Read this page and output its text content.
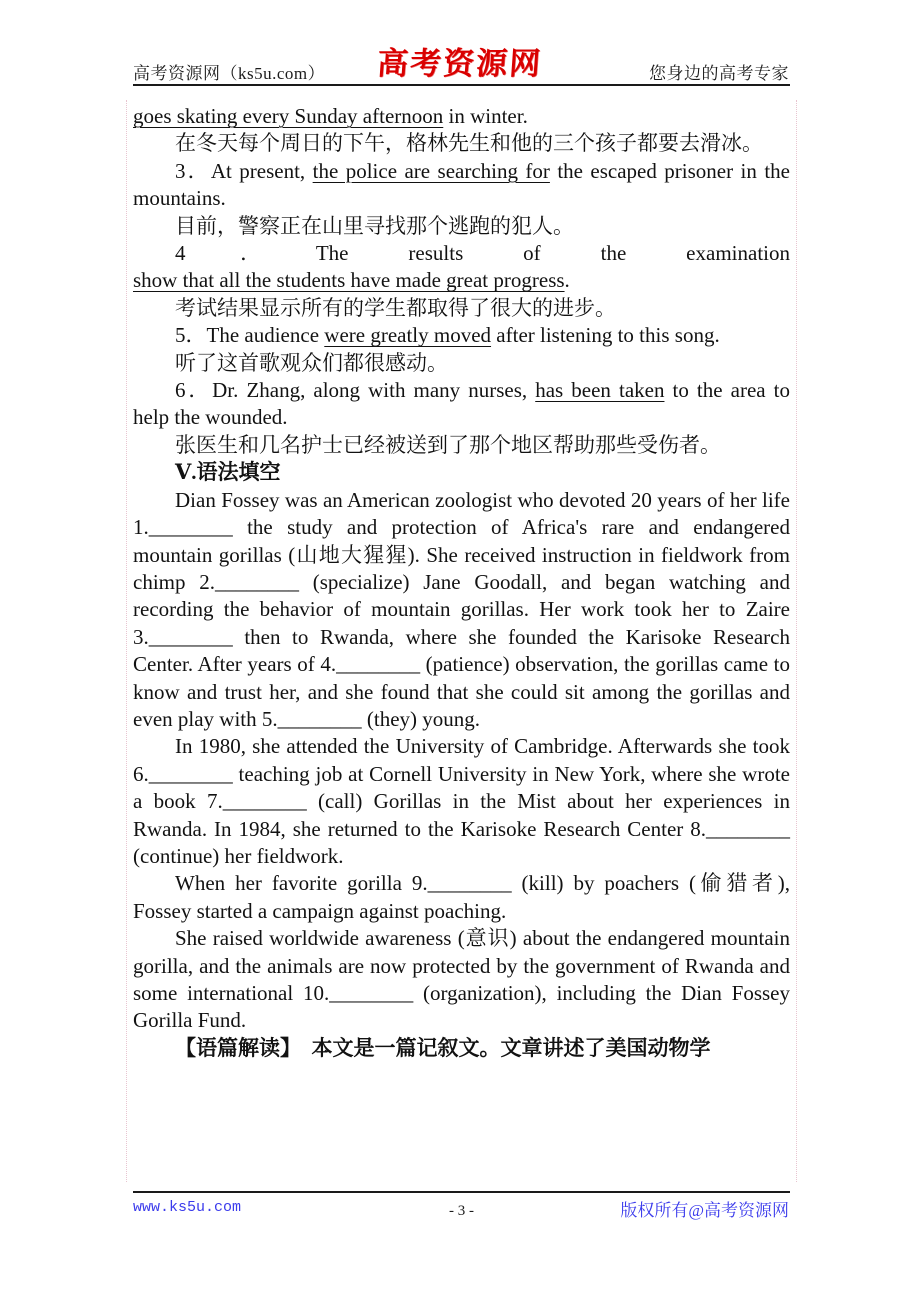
高考资源网（ks5u.com） 高考资源网	您身边的高考专家

goes skating every Sunday afternoon in winter.

在冬天每个周日的下午，格林先生和他的三个孩子都要去滑冰。

3．At present, the police are searching for the escaped prisoner in the mountains.

目前，警察正在山里寻找那个逃跑的犯人。

4．The results of the examination show that all the students have made great progress.

考试结果显示所有的学生都取得了很大的进步。

5．The audience were greatly moved after listening to this song.

听了这首歌观众们都很感动。

6．Dr. Zhang, along with many nurses, has been taken to the area to help the wounded.

张医生和几名护士已经被送到了那个地区帮助那些受伤者。

Ⅴ.语法填空

Dian Fossey was an American zoologist who devoted 20 years of her life 1.________ the study and protection of Africa's rare and endangered mountain gorillas (山地大猩猩). She received instruction in fieldwork from chimp 2.________ (specialize) Jane Goodall, and began watching and recording the behavior of mountain gorillas. Her work took her to Zaire 3.________ then to Rwanda, where she founded the Karisoke Research Center. After years of 4.________ (patience) observation, the gorillas came to know and trust her, and she found that she could sit among the gorillas and even play with 5.________ (they) young.

In 1980, she attended the University of Cambridge. Afterwards she took 6.________ teaching job at Cornell University in New York, where she wrote a book 7.________ (call) Gorillas in the Mist about her experiences in Rwanda. In 1984, she returned to the Karisoke Research Center 8.________ (continue) her fieldwork.

When her favorite gorilla 9.________ (kill) by poachers (偷猎者), Fossey started a campaign against poaching.

She raised worldwide awareness (意识) about the endangered mountain gorilla, and the animals are now protected by the government of Rwanda and some international 10.________ (organization), including the Dian Fossey Gorilla Fund.

【语篇解读】　本文是一篇记叙文。文章讲述了美国动物学

www.ks5u.com	- 3 -	版权所有@高考资源网
